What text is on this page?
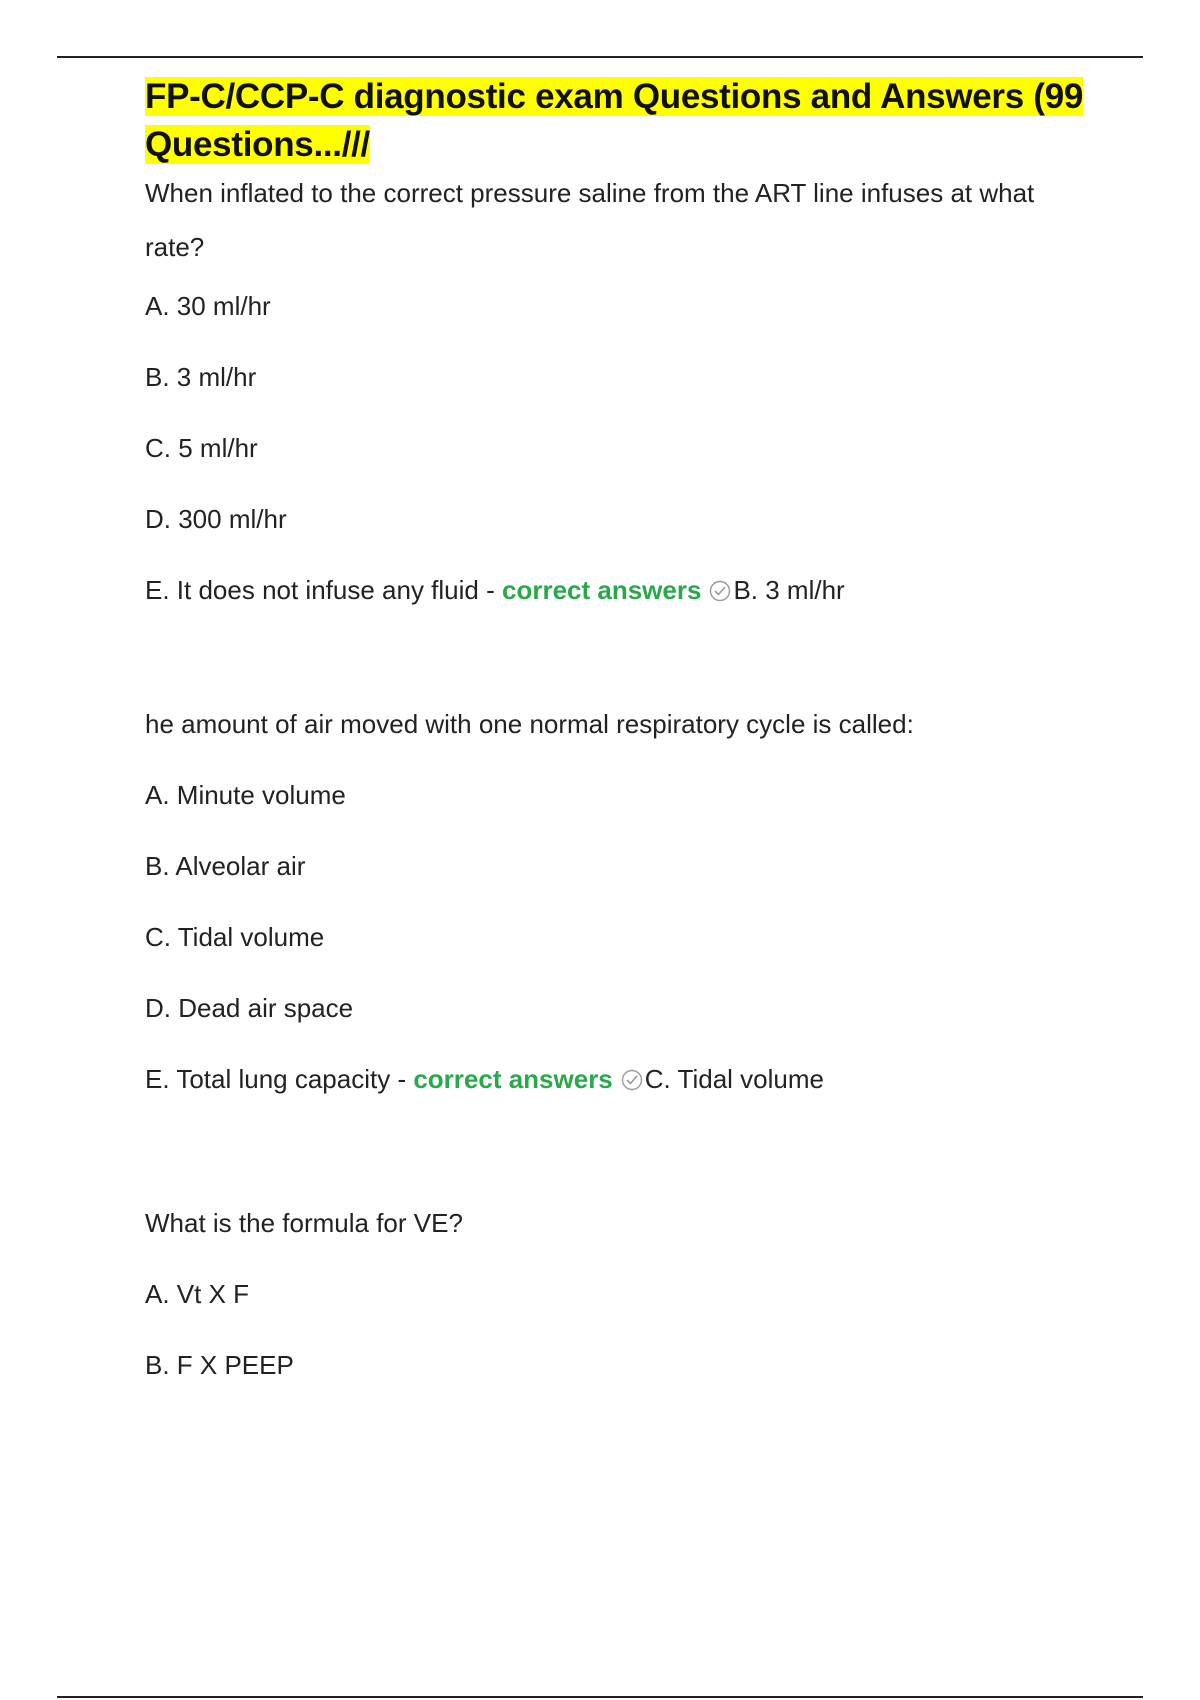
FP-C/CCP-C diagnostic exam Questions and Answers (99 Questions...///

When inflated to the correct pressure saline from the ART line infuses at what rate?

A. 30 ml/hr

B. 3 ml/hr

C. 5 ml/hr

D. 300 ml/hr

E. It does not infuse any fluid - correct answers B. 3 ml/hr

he amount of air moved with one normal respiratory cycle is called:

A. Minute volume

B. Alveolar air

C. Tidal volume

D. Dead air space

E. Total lung capacity - correct answers C. Tidal volume

What is the formula for VE?

A. Vt X F

B. F X PEEP
